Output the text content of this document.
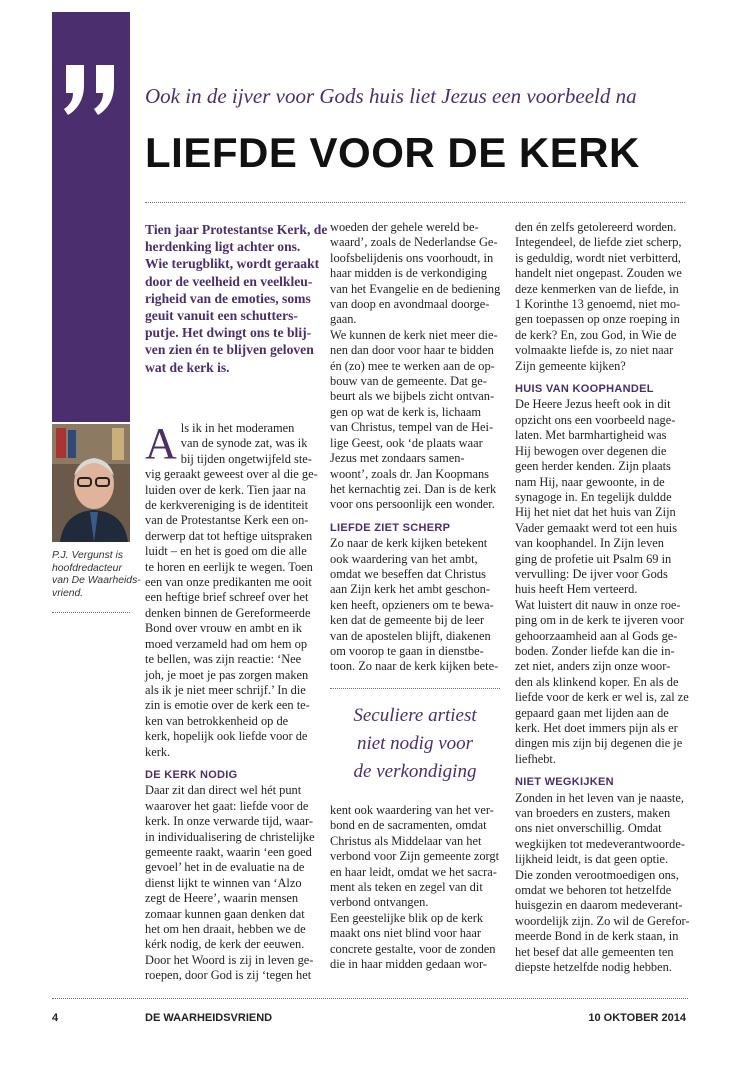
Ook in de ijver voor Gods huis liet Jezus een voorbeeld na
LIEFDE VOOR DE KERK
Tien jaar Protestantse Kerk, de
herdenking ligt achter ons.
Wie terugblikt, wordt geraakt
door de veelheid en veelkleu-
righeid van de emoties, soms
geuit vanuit een schutters-
putje. Het dwingt ons te blij-
ven zien én te blijven geloven
wat de kerk is.
P.J. Vergunst is
hoofdredacteur
van De Waarheids-
vriend.
A ls ik in het moderamen
van de synode zat, was ik
bij tijden ongetwijfeld ste-
vig geraakt geweest over al die ge-
luiden over de kerk. Tien jaar na
de kerkvereniging is de identiteit
van de Protestantse Kerk een on-
derwerp dat tot heftige uitspraken
luidt – en het is goed om die alle
te horen en eerlijk te wegen. Toen
een van onze predikanten me ooit
een heftige brief schreef over het
denken binnen de Gereformeerde
Bond over vrouw en ambt en ik
moed verzameld had om hem op
te bellen, was zijn reactie: ‘Nee
joh, je moet je pas zorgen maken
als ik je niet meer schrijf.’ In die
zin is emotie over de kerk een te-
ken van betrokkenheid op de
kerk, hopelijk ook liefde voor de
kerk.
DE KERK NODIG
Daar zit dan direct wel hét punt
waarover het gaat: liefde voor de
kerk. In onze verwarde tijd, waar-
in individualisering de christelijke
gemeente raakt, waarin ‘een goed
gevoel’ het in de evaluatie na de
dienst lijkt te winnen van ‘Alzo
zegt de Heere’, waarin mensen
zomaar kunnen gaan denken dat
het om hen draait, hebben we de
kérk nodig, de kerk der eeuwen.
Door het Woord is zij in leven ge-
roepen, door God is zij ‘tegen het
woeden der gehele wereld be-
waard’, zoals de Nederlandse Ge-
loofsbelijdenis ons voorhoudt, in
haar midden is de verkondiging
van het Evangelie en de bediening
van doop en avondmaal doorge-
gaan.
We kunnen de kerk niet meer die-
nen dan door voor haar te bidden
én (zo) mee te werken aan de op-
bouw van de gemeente. Dat ge-
beurt als we bijbels zicht ontvan-
gen op wat de kerk is, lichaam
van Christus, tempel van de Hei-
lige Geest, ook ‘de plaats waar
Jezus met zondaars samen-
woont’, zoals dr. Jan Koopmans
het kernachtig zei. Dan is de kerk
voor ons persoonlijk een wonder.
LIEFDE ZIET SCHERP
Zo naar de kerk kijken betekent
ook waardering van het ambt,
omdat we beseffen dat Christus
aan Zijn kerk het ambt geschon-
ken heeft, opzieners om te bewa-
ken dat de gemeente bij de leer
van de apostelen blijft, diakenen
om voorop te gaan in dienstbe-
toon. Zo naar de kerk kijken bete-
Seculiere artiest
niet nodig voor
de verkondiging
kent ook waardering van het ver-
bond en de sacramenten, omdat
Christus als Middelaar van het
verbond voor Zijn gemeente zorgt
en haar leidt, omdat we het sacra-
ment als teken en zegel van dit
verbond ontvangen.
Een geestelijke blik op de kerk
maakt ons niet blind voor haar
concrete gestalte, voor de zonden
die in haar midden gedaan wor-
den én zelfs getolereerd worden.
Integendeel, de liefde ziet scherp,
is geduldig, wordt niet verbitterd,
handelt niet ongepast. Zouden we
deze kenmerken van de liefde, in
1 Korinthe 13 genoemd, niet mo-
gen toepassen op onze roeping in
de kerk? En, zou God, in Wie de
volmaakte liefde is, zo niet naar
Zijn gemeente kijken?
HUIS VAN KOOPHANDEL
De Heere Jezus heeft ook in dit
opzicht ons een voorbeeld nage-
laten. Met barmhartigheid was
Hij bewogen over degenen die
geen herder kenden. Zijn plaats
nam Hij, naar gewoonte, in de
synagoge in. En tegelijk duldde
Hij het niet dat het huis van Zijn
Vader gemaakt werd tot een huis
van koophandel. In Zijn leven
ging de profetie uit Psalm 69 in
vervulling: De ijver voor Gods
huis heeft Hem verteerd.
Wat luistert dit nauw in onze roe-
ping om in de kerk te ijveren voor
gehoorzaamheid aan al Gods ge-
boden. Zonder liefde kan die in-
zet niet, anders zijn onze woor-
den als klinkend koper. En als de
liefde voor de kerk er wel is, zal ze
gepaard gaan met lijden aan de
kerk. Het doet immers pijn als er
dingen mis zijn bij degenen die je
liefhebt.
NIET WEGKIJKEN
Zonden in het leven van je naaste,
van broeders en zusters, maken
ons niet onverschillig. Omdat
wegkijken tot medeverantwoorde-
lijkheid leidt, is dat geen optie.
Die zonden verootmoedigen ons,
omdat we behoren tot hetzelfde
huisgezin en daarom medeverant-
woordelijk zijn. Zo wil de Gerefor-
meerde Bond in de kerk staan, in
het besef dat alle gemeenten ten
diepste hetzelfde nodig hebben.
4	DE WAARHEIDSVRIEND	10 OKTOBER 2014
